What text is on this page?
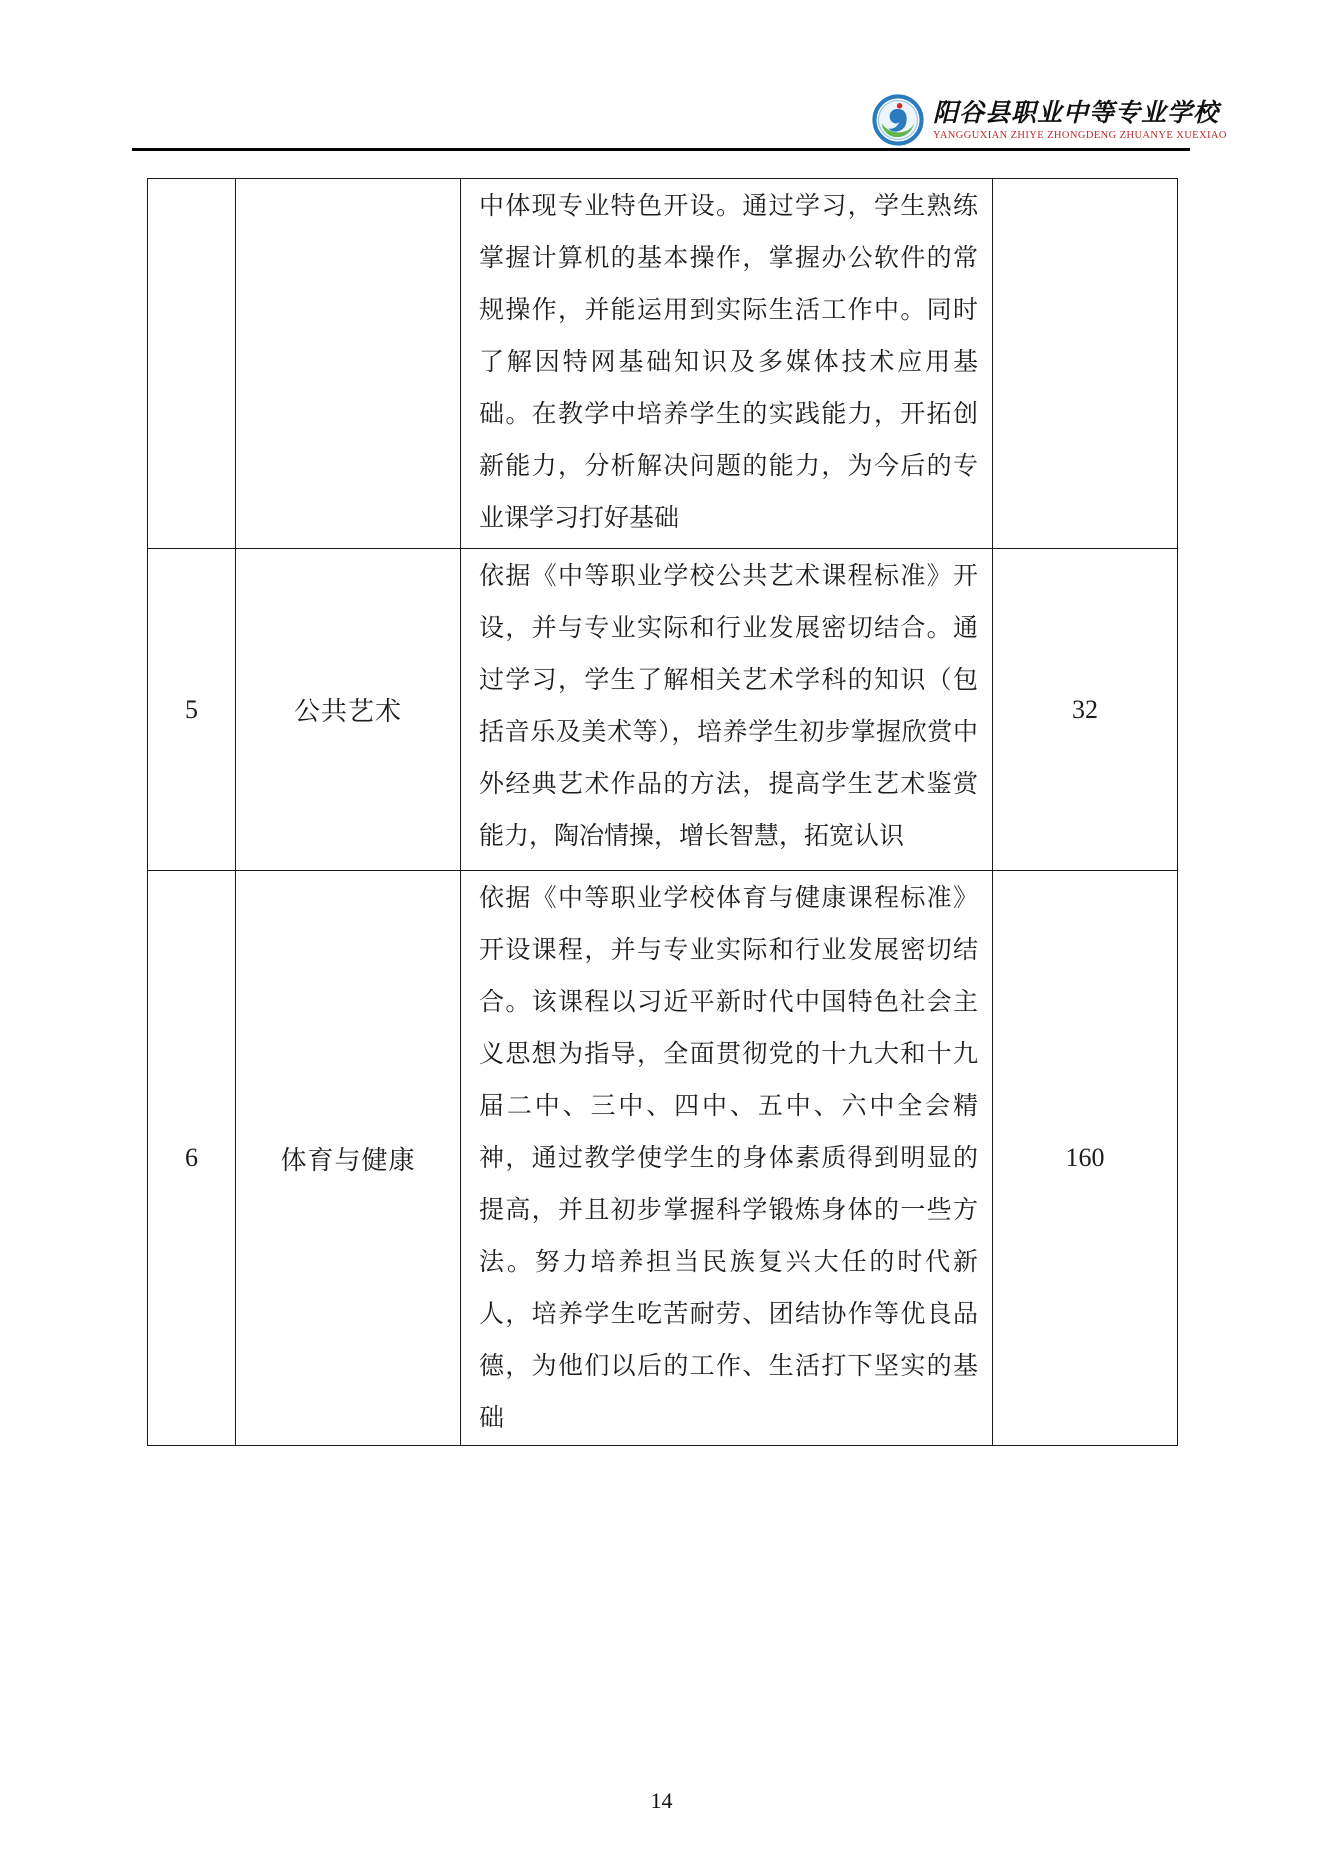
阳谷县职业中等专业学校
YANGGUXIAN ZHIYE ZHONGDENG ZHUANYE XUEXIAO
		中体现专业特色开设。通过学习，学生熟练掌握计算机的基本操作，掌握办公软件的常规操作，并能运用到实际生活工作中。同时了解因特网基础知识及多媒体技术应用基础。在教学中培养学生的实践能力，开拓创新能力，分析解决问题的能力，为今后的专业课学习打好基础	
5	公共艺术	依据《中等职业学校公共艺术课程标准》开设，并与专业实际和行业发展密切结合。通过学习，学生了解相关艺术学科的知识（包括音乐及美术等），培养学生初步掌握欣赏中外经典艺术作品的方法，提高学生艺术鉴赏能力，陶冶情操，增长智慧，拓宽认识	32
6	体育与健康	依据《中等职业学校体育与健康课程标准》开设课程，并与专业实际和行业发展密切结合。该课程以习近平新时代中国特色社会主义思想为指导，全面贯彻党的十九大和十九届二中、三中、四中、五中、六中全会精神，通过教学使学生的身体素质得到明显的提高，并且初步掌握科学锻炼身体的一些方法。努力培养担当民族复兴大任的时代新人，培养学生吃苦耐劳、团结协作等优良品德，为他们以后的工作、生活打下坚实的基础	160
14
